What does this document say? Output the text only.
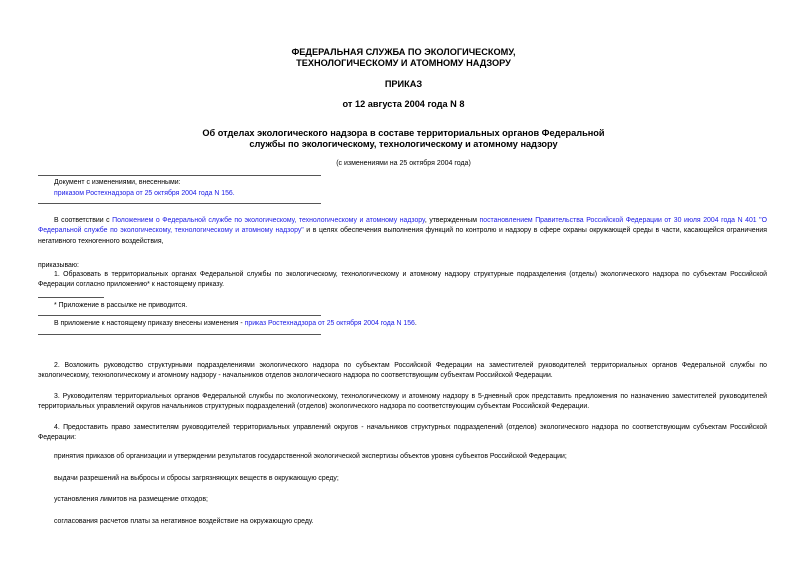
ФЕДЕРАЛЬНАЯ СЛУЖБА ПО ЭКОЛОГИЧЕСКОМУ,
ТЕХНОЛОГИЧЕСКОМУ И АТОМНОМУ НАДЗОРУ
ПРИКАЗ
от 12 августа 2004 года N 8
Об отделах экологического надзора в составе территориальных органов Федеральной
службы по экологическому, технологическому и атомному надзору
(с изменениями на 25 октября 2004 года)
Документ с изменениями, внесенными:
приказом Ростехнадзора от 25 октября 2004 года N 156.
В соответствии с Положением о Федеральной службе по экологическому, технологическому и атомному надзору, утвержденным постановлением Правительства Российской Федерации от 30 июля 2004 года N 401 "О Федеральной службе по экологическому, технологическому и атомному надзору" и в целях обеспечения выполнения функций по контролю и надзору в сфере охраны окружающей среды в части, касающейся ограничения негативного техногенного воздействия,
приказываю:
1. Образовать в территориальных органах Федеральной службы по экологическому, технологическому и атомному надзору структурные подразделения (отделы) экологического надзора по субъектам Российской Федерации согласно приложению* к настоящему приказу.
* Приложение в рассылке не приводится.
В приложение к настоящему приказу внесены изменения - приказ Ростехнадзора от 25 октября 2004 года N 156.
2. Возложить руководство структурными подразделениями экологического надзора по субъектам Российской Федерации на заместителей руководителей территориальных органов Федеральной службы по экологическому, технологическому и атомному надзору - начальников отделов экологического надзора по соответствующим субъектам Российской Федерации.
3. Руководителям территориальных органов Федеральной службы по экологическому, технологическому и атомному надзору в 5-дневный срок представить предложения по назначению заместителей руководителей территориальных управлений округов начальников структурных подразделений (отделов) экологического надзора по соответствующим субъектам Российской Федерации.
4. Предоставить право заместителям руководителей территориальных управлений округов - начальников структурных подразделений (отделов) экологического надзора по соответствующим субъектам Российской Федерации:
принятия приказов об организации и утверждении результатов государственной экологической экспертизы объектов уровня субъектов Российской Федерации;
выдачи разрешений на выбросы и сбросы загрязняющих веществ в окружающую среду;
установления лимитов на размещение отходов;
согласования расчетов платы за негативное воздействие на окружающую среду.
